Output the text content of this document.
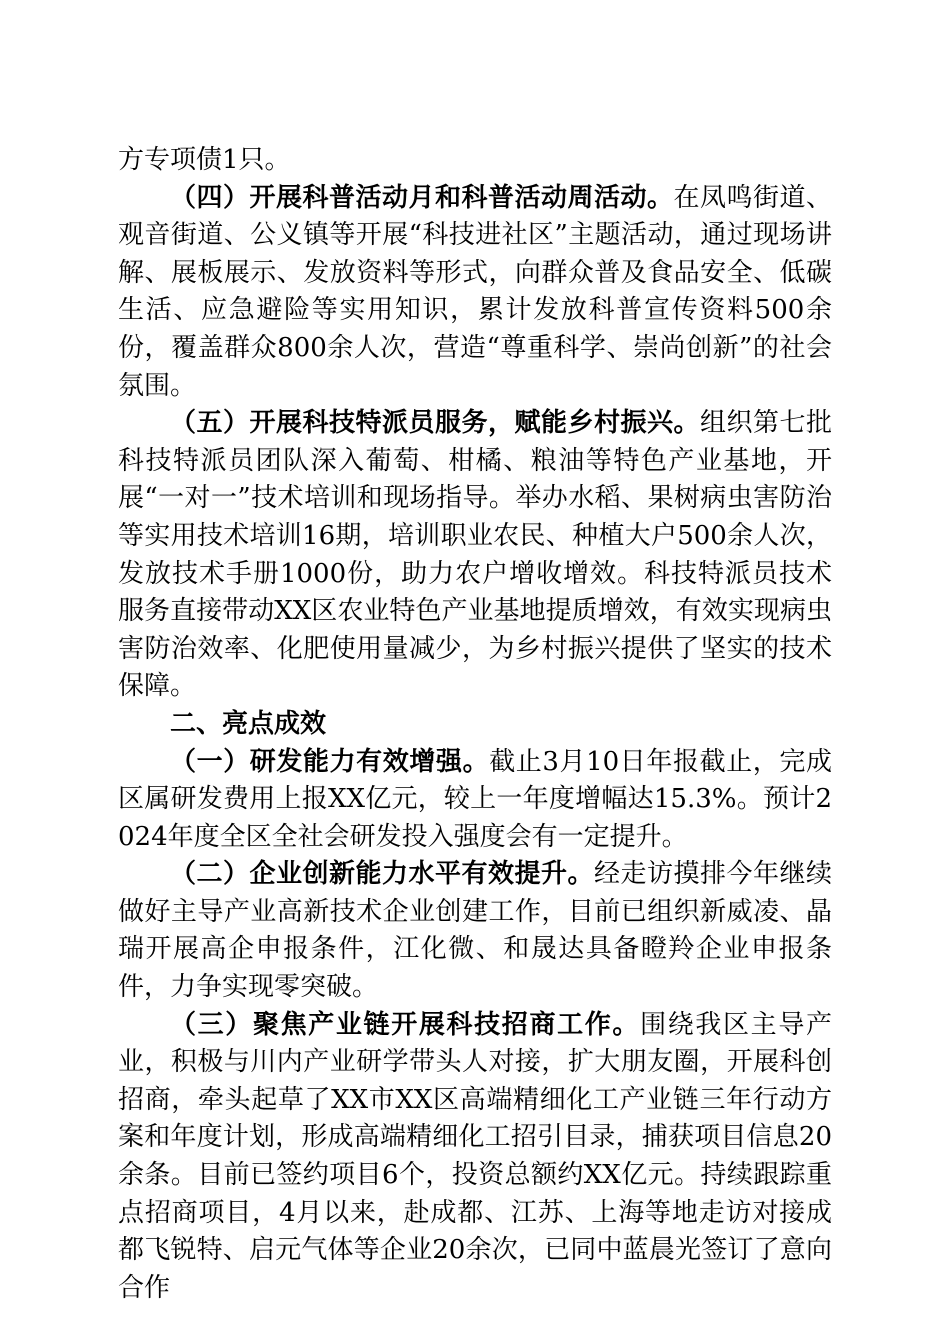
方专项债1只。

（四）开展科普活动月和科普活动周活动。在凤鸣街道、观音街道、公义镇等开展“科技进社区”主题活动，通过现场讲解、展板展示、发放资料等形式，向群众普及食品安全、低碳生活、应急避险等实用知识，累计发放科普宣传资料500余份，覆盖群众800余人次，营造“尊重科学、崇尚创新”的社会氛围。

（五）开展科技特派员服务，赋能乡村振兴。组织第七批科技特派员团队深入葡萄、柑橘、粮油等特色产业基地，开展“一对一”技术培训和现场指导。举办水稻、果树病虫害防治等实用技术培训16期，培训职业农民、种植大户500余人次，发放技术手册1000份，助力农户增收增效。科技特派员技术服务直接带动XX区农业特色产业基地提质增效，有效实现病虫害防治效率、化肥使用量减少，为乡村振兴提供了坚实的技术保障。

二、亮点成效

（一）研发能力有效增强。截止3月10日年报截止，完成区属研发费用上报XX亿元，较上一年度增幅达15.3%。预计2024年度全区全社会研发投入强度会有一定提升。

（二）企业创新能力水平有效提升。经走访摸排今年继续做好主导产业高新技术企业创建工作，目前已组织新威凌、晶瑞开展高企申报条件，江化微、和晟达具备瞪羚企业申报条件，力争实现零突破。

（三）聚焦产业链开展科技招商工作。围绕我区主导产业，积极与川内产业研学带头人对接，扩大朋友圈，开展科创招商，牵头起草了XX市XX区高端精细化工产业链三年行动方案和年度计划，形成高端精细化工招引目录，捕获项目信息20余条。目前已签约项目6个，投资总额约XX亿元。持续跟踪重点招商项目，4月以来，赴成都、江苏、上海等地走访对接成都飞锐特、启元气体等企业20余次，已同中蓝晨光签订了意向合作
